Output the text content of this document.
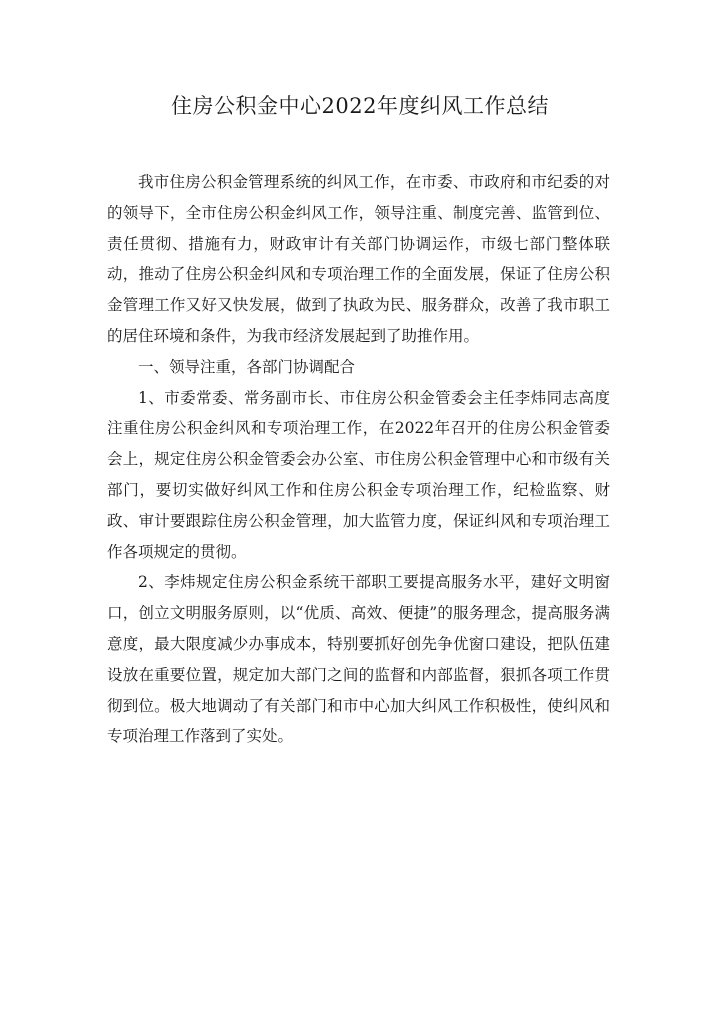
住房公积金中心2022年度纠风工作总结

我市住房公积金管理系统的纠风工作，在市委、市政府和市纪委的对的领导下，全市住房公积金纠风工作，领导注重、制度完善、监管到位、责任贯彻、措施有力，财政审计有关部门协调运作，市级七部门整体联动，推动了住房公积金纠风和专项治理工作的全面发展，保证了住房公积金管理工作又好又快发展，做到了执政为民、服务群众，改善了我市职工的居住环境和条件，为我市经济发展起到了助推作用。

一、领导注重，各部门协调配合

1、市委常委、常务副市长、市住房公积金管委会主任李炜同志高度注重住房公积金纠风和专项治理工作，在2022年召开的住房公积金管委会上，规定住房公积金管委会办公室、市住房公积金管理中心和市级有关部门，要切实做好纠风工作和住房公积金专项治理工作，纪检监察、财政、审计要跟踪住房公积金管理，加大监管力度，保证纠风和专项治理工作各项规定的贯彻。

2、李炜规定住房公积金系统干部职工要提高服务水平，建好文明窗口，创立文明服务原则，以“优质、高效、便捷”的服务理念，提高服务满意度，最大限度减少办事成本，特别要抓好创先争优窗口建设，把队伍建设放在重要位置，规定加大部门之间的监督和内部监督，狠抓各项工作贯彻到位。极大地调动了有关部门和市中心加大纠风工作积极性，使纠风和专项治理工作落到了实处。
